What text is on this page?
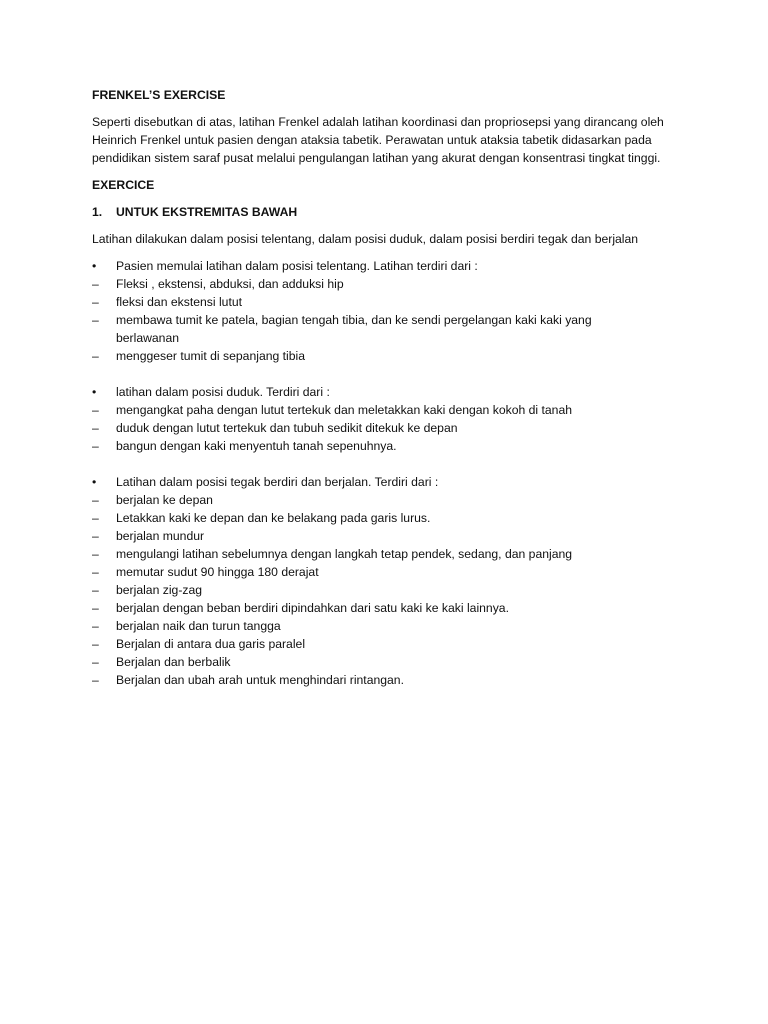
FRENKEL’S EXERCISE
Seperti disebutkan di atas, latihan Frenkel adalah latihan koordinasi dan propriosepsi yang dirancang oleh Heinrich Frenkel untuk pasien dengan ataksia tabetik. Perawatan untuk ataksia tabetik didasarkan pada pendidikan sistem saraf pusat melalui pengulangan latihan yang akurat dengan konsentrasi tingkat tinggi.
EXERCICE
1.	UNTUK EKSTREMITAS BAWAH
Latihan dilakukan dalam posisi telentang, dalam posisi duduk, dalam posisi berdiri tegak dan berjalan
•	Pasien memulai latihan dalam posisi telentang. Latihan terdiri dari :
–	Fleksi , ekstensi, abduksi, dan adduksi hip
–	fleksi dan ekstensi lutut
–	membawa tumit ke patela, bagian tengah tibia, dan ke sendi pergelangan kaki kaki yang berlawanan
–	menggeser tumit di sepanjang tibia
•	latihan dalam posisi duduk. Terdiri dari :
–	mengangkat paha dengan lutut tertekuk dan meletakkan kaki dengan kokoh di tanah
–	duduk dengan lutut tertekuk dan tubuh sedikit ditekuk ke depan
–	bangun dengan kaki menyentuh tanah sepenuhnya.
•	Latihan dalam posisi tegak berdiri dan berjalan. Terdiri dari :
–	berjalan ke depan
–	Letakkan kaki ke depan dan ke belakang pada garis lurus.
–	berjalan mundur
–	mengulangi latihan sebelumnya dengan langkah tetap pendek, sedang, dan panjang
–	memutar sudut 90 hingga 180 derajat
–	berjalan zig-zag
–	berjalan dengan beban berdiri dipindahkan dari satu kaki ke kaki lainnya.
–	berjalan naik dan turun tangga
–	Berjalan di antara dua garis paralel
–	Berjalan dan berbalik
–	Berjalan dan ubah arah untuk menghindari rintangan.
